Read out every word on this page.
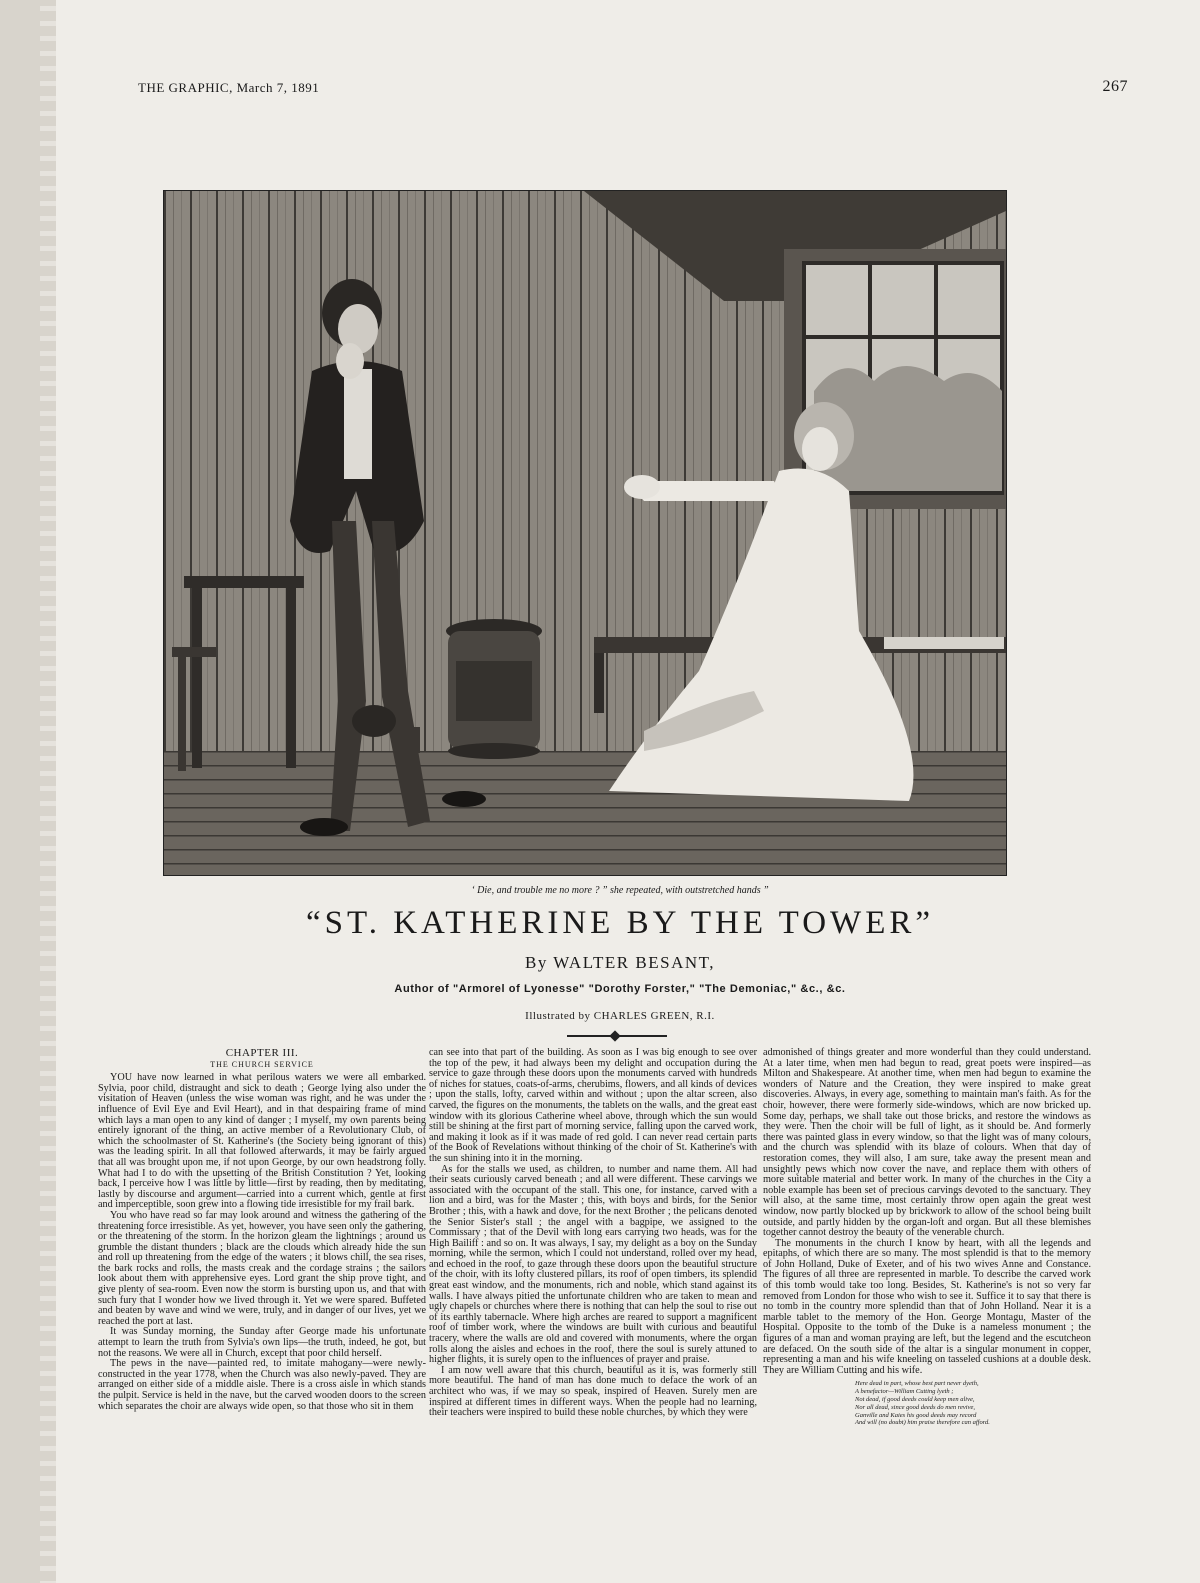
THE GRAPHIC, March 7, 1891	267
‘ Die, and trouble me no more ? ” she repeated, with outstretched hands ”
“ST. KATHERINE BY THE TOWER”
By WALTER BESANT,
Author of "Armorel of Lyonesse" "Dorothy Forster," "The Demoniac," &c., &c.
Illustrated by CHARLES GREEN, R.I.
CHAPTER III.
THE CHURCH SERVICE

YOU have now learned in what perilous waters we were all embarked. Sylvia, poor child, distraught and sick to death ; George lying also under the visitation of Heaven (unless the wise woman was right, and he was under the influence of Evil Eye and Evil Heart), and in that despairing frame of mind which lays a man open to any kind of danger ; I myself, my own parents being entirely ignorant of the thing, an active member of a Revolutionary Club, of which the schoolmaster of St. Katherine's (the Society being ignorant of this) was the leading spirit. In all that followed afterwards, it may be fairly argued that all was brought upon me, if not upon George, by our own headstrong folly. What had I to do with the upsetting of the British Constitution ? Yet, looking back, I perceive how I was little by little—first by reading, then by meditating, lastly by discourse and argument—carried into a current which, gentle at first and imperceptible, soon grew into a flowing tide irresistible for my frail bark.

You who have read so far may look around and witness the gathering of the threatening force irresistible. As yet, however, you have seen only the gathering, or the threatening of the storm. In the horizon gleam the lightnings ; around us grumble the distant thunders ; black are the clouds which already hide the sun and roll up threatening from the edge of the waters ; it blows chill, the sea rises, the bark rocks and rolls, the masts creak and the cordage strains ; the sailors look about them with apprehensive eyes. Lord grant the ship prove tight, and give plenty of sea-room. Even now the storm is bursting upon us, and that with such fury that I wonder how we lived through it. Yet we were spared. Buffeted and beaten by wave and wind we were, truly, and in danger of our lives, yet we reached the port at last.

It was Sunday morning, the Sunday after George made his unfortunate attempt to learn the truth from Sylvia's own lips—the truth, indeed, he got, but not the reasons. We were all in Church, except that poor child herself.

The pews in the nave—painted red, to imitate mahogany—were newly-constructed in the year 1778, when the Church was also newly-paved. They are arranged on either side of a middle aisle. There is a cross aisle in which stands the pulpit. Service is held in the nave, but the carved wooden doors to the screen which separates the choir are always wide open, so that those who sit in them

can see into that part of the building. As soon as I was big enough to see over the top of the pew, it had always been my delight and occupation during the service to gaze through these doors upon the monuments carved with hundreds of niches for statues, coats-of-arms, cherubims, flowers, and all kinds of devices ; upon the stalls, lofty, carved within and without ; upon the altar screen, also carved, the figures on the monuments, the tablets on the walls, and the great east window with its glorious Catherine wheel above, through which the sun would still be shining at the first part of morning service, falling upon the carved work, and making it look as if it was made of red gold. I can never read certain parts of the Book of Revelations without thinking of the choir of St. Katherine's with the sun shining into it in the morning.

As for the stalls we used, as children, to number and name them. All had their seats curiously carved beneath ; and all were different. These carvings we associated with the occupant of the stall. This one, for instance, carved with a lion and a bird, was for the Master ; this, with boys and birds, for the Senior Brother ; this, with a hawk and dove, for the next Brother ; the pelicans denoted the Senior Sister's stall ; the angel with a bagpipe, we assigned to the Commissary ; that of the Devil with long ears carrying two heads, was for the High Bailiff : and so on. It was always, I say, my delight as a boy on the Sunday morning, while the sermon, which I could not understand, rolled over my head, and echoed in the roof, to gaze through these doors upon the beautiful structure of the choir, with its lofty clustered pillars, its roof of open timbers, its splendid great east window, and the monuments, rich and noble, which stand against its walls. I have always pitied the unfortunate children who are taken to mean and ugly chapels or churches where there is nothing that can help the soul to rise out of its earthly tabernacle. Where high arches are reared to support a magnificent roof of timber work, where the windows are built with curious and beautiful tracery, where the walls are old and covered with monuments, where the organ rolls along the aisles and echoes in the roof, there the soul is surely attuned to higher flights, it is surely open to the influences of prayer and praise.

I am now well aware that this church, beautiful as it is, was formerly still more beautiful. The hand of man has done much to deface the work of an architect who was, if we may so speak, inspired of Heaven. Surely men are inspired at different times in different ways. When the people had no learning, their teachers were inspired to build these noble churches, by which they were

admonished of things greater and more wonderful than they could understand. At a later time, when men had begun to read, great poets were inspired—as Milton and Shakespeare. At another time, when men had begun to examine the wonders of Nature and the Creation, they were inspired to make great discoveries. Always, in every age, something to maintain man's faith. As for the choir, however, there were formerly side-windows, which are now bricked up. Some day, perhaps, we shall take out those bricks, and restore the windows as they were. Then the choir will be full of light, as it should be. And formerly there was painted glass in every window, so that the light was of many colours, and the church was splendid with its blaze of colours. When that day of restoration comes, they will also, I am sure, take away the present mean and unsightly pews which now cover the nave, and replace them with others of more suitable material and better work. In many of the churches in the City a noble example has been set of precious carvings devoted to the sanctuary. They will also, at the same time, most certainly throw open again the great west window, now partly blocked up by brickwork to allow of the school being built outside, and partly hidden by the organ-loft and organ. But all these blemishes together cannot destroy the beauty of the venerable church.

The monuments in the church I know by heart, with all the legends and epitaphs, of which there are so many. The most splendid is that to the memory of John Holland, Duke of Exeter, and of his two wives Anne and Constance. The figures of all three are represented in marble. To describe the carved work of this tomb would take too long. Besides, St. Katherine's is not so very far removed from London for those who wish to see it. Suffice it to say that there is no tomb in the country more splendid than that of John Holland. Near it is a marble tablet to the memory of the Hon. George Montagu, Master of the Hospital. Opposite to the tomb of the Duke is a nameless monument ; the figures of a man and woman praying are left, but the legend and the escutcheon are defaced. On the south side of the altar is a singular monument in copper, representing a man and his wife kneeling on tasseled cushions at a double desk. They are William Cutting and his wife.

Here dead in part, whose best part never dyeth,
A benefactor—William Cutting lyeth ;
Not dead, if good deeds could keep men alive,
Nor all dead, since good deeds do men revive,
Ganville and Kaies his good deeds may record
And will (no doubt) him praise therefore can afford.
